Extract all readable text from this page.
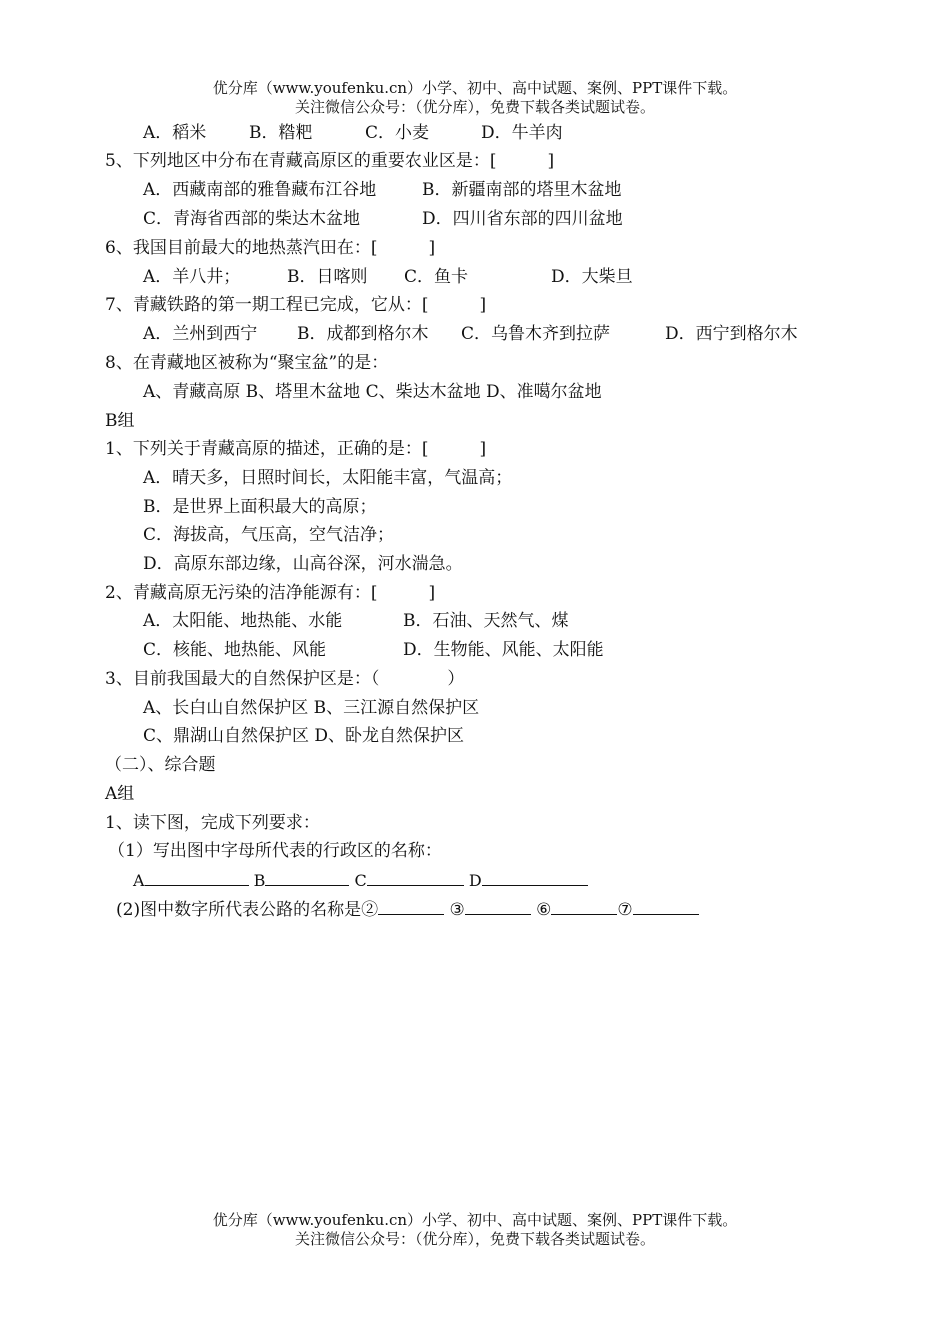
优分库（www.youfenku.cn）小学、初中、高中试题、案例、PPT课件下载。
关注微信公众号：（优分库），免费下载各类试题试卷。
A．稻米	B．糌粑	C．小麦	D．牛羊肉
5、下列地区中分布在青藏高原区的重要农业区是：[　　　]
A．西藏南部的雅鲁藏布江谷地	B．新疆南部的塔里木盆地
C．青海省西部的柴达木盆地	D．四川省东部的四川盆地
6、我国目前最大的地热蒸汽田在：[　　　]
A．羊八井；	B．日喀则 C．鱼卡	D．大柴旦
7、青藏铁路的第一期工程已完成，它从：[　　　]
A．兰州到西宁 B．成都到格尔木 C．乌鲁木齐到拉萨	D．西宁到格尔木
8、在青藏地区被称为“聚宝盆”的是：
A、青藏高原 B、塔里木盆地 C、柴达木盆地 D、准噶尔盆地
B组
1、下列关于青藏高原的描述，正确的是：[　　　]
A．晴天多，日照时间长，太阳能丰富，气温高；
B．是世界上面积最大的高原；
C．海拔高，气压高，空气洁净；
D．高原东部边缘，山高谷深，河水湍急。
2、青藏高原无污染的洁净能源有：[　　　]
A．太阳能、地热能、水能	B．石油、天然气、煤
C．核能、地热能、风能	D．生物能、风能、太阳能
3、目前我国最大的自然保护区是：（　　　　）
A、长白山自然保护区 B、三江源自然保护区
C、鼎湖山自然保护区 D、卧龙自然保护区
（二）、综合题
A组
1、读下图，完成下列要求：
（1）写出图中字母所代表的行政区的名称：
A	B	C	D
(2)图中数字所代表公路的名称是②	③	⑥	⑦
优分库（www.youfenku.cn）小学、初中、高中试题、案例、PPT课件下载。
关注微信公众号：（优分库），免费下载各类试题试卷。
